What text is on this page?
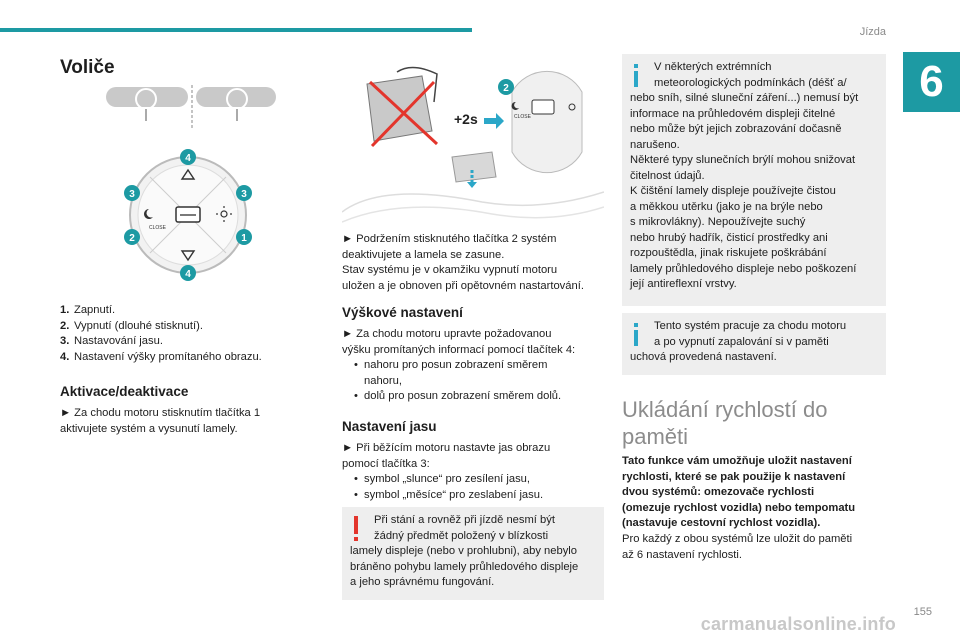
Jízda
6
Voliče
CLOSE
4
3	3
2	1
4
1. Zapnutí.
2. Vypnutí (dlouhé stisknutí).
3. Nastavování jasu.
4. Nastavení výšky promítaného obrazu.
Aktivace/deaktivace

► Za chodu motoru stisknutím tlačítka 1

aktivujete systém a vysunutí lamely.

+2s	CLOSE
2

► Podržením stisknutého tlačítka 2 systém

deaktivujete a lamela se zasune.

Stav systému je v okamžiku vypnutí motoru

uložen a je obnoven při opětovném nastartování.

Výškové nastavení

► Za chodu motoru upravte požadovanou

výšku promítaných informací pomocí tlačítek 4:

• nahoru pro posun zobrazení směrem

nahoru,

• dolů pro posun zobrazení směrem dolů.

Nastavení jasu

► Při běžícím motoru nastavte jas obrazu

pomocí tlačítka 3:

• symbol „slunce“ pro zesílení jasu,

• symbol „měsíce“ pro zeslabení jasu.

Při stání a rovněž při jízdě nesmí být

žádný předmět položený v blízkosti

lamely displeje (nebo v prohlubni), aby nebylo

bráněno pohybu lamely průhledového displeje

a jeho správnému fungování.

V některých extrémních

meteorologických podmínkách (déšť a/

nebo sníh, silné sluneční záření...) nemusí být

informace na průhledovém displeji čitelné

nebo může být jejich zobrazování dočasně

narušeno.

Některé typy slunečních brýlí mohou snižovat

čitelnost údajů.

K čištění lamely displeje používejte čistou

a měkkou utěrku (jako je na brýle nebo

s mikrovlákny). Nepoužívejte suchý

nebo hrubý hadřík, čisticí prostředky ani

rozpouštědla, jinak riskujete poškrábání

lamely průhledového displeje nebo poškození

její antireflexní vrstvy.

Tento systém pracuje za chodu motoru

a po vypnutí zapalování si v paměti

uchová provedená nastavení.

Ukládání rychlostí do
paměti

Tato funkce vám umožňuje uložit nastavení

rychlosti, které se pak použije k nastavení

dvou systémů: omezovače rychlosti

(omezuje rychlost vozidla) nebo tempomatu

(nastavuje cestovní rychlost vozidla).

Pro každý z obou systémů lze uložit do paměti

až 6 nastavení rychlosti.

155
carmanualsonline.info
